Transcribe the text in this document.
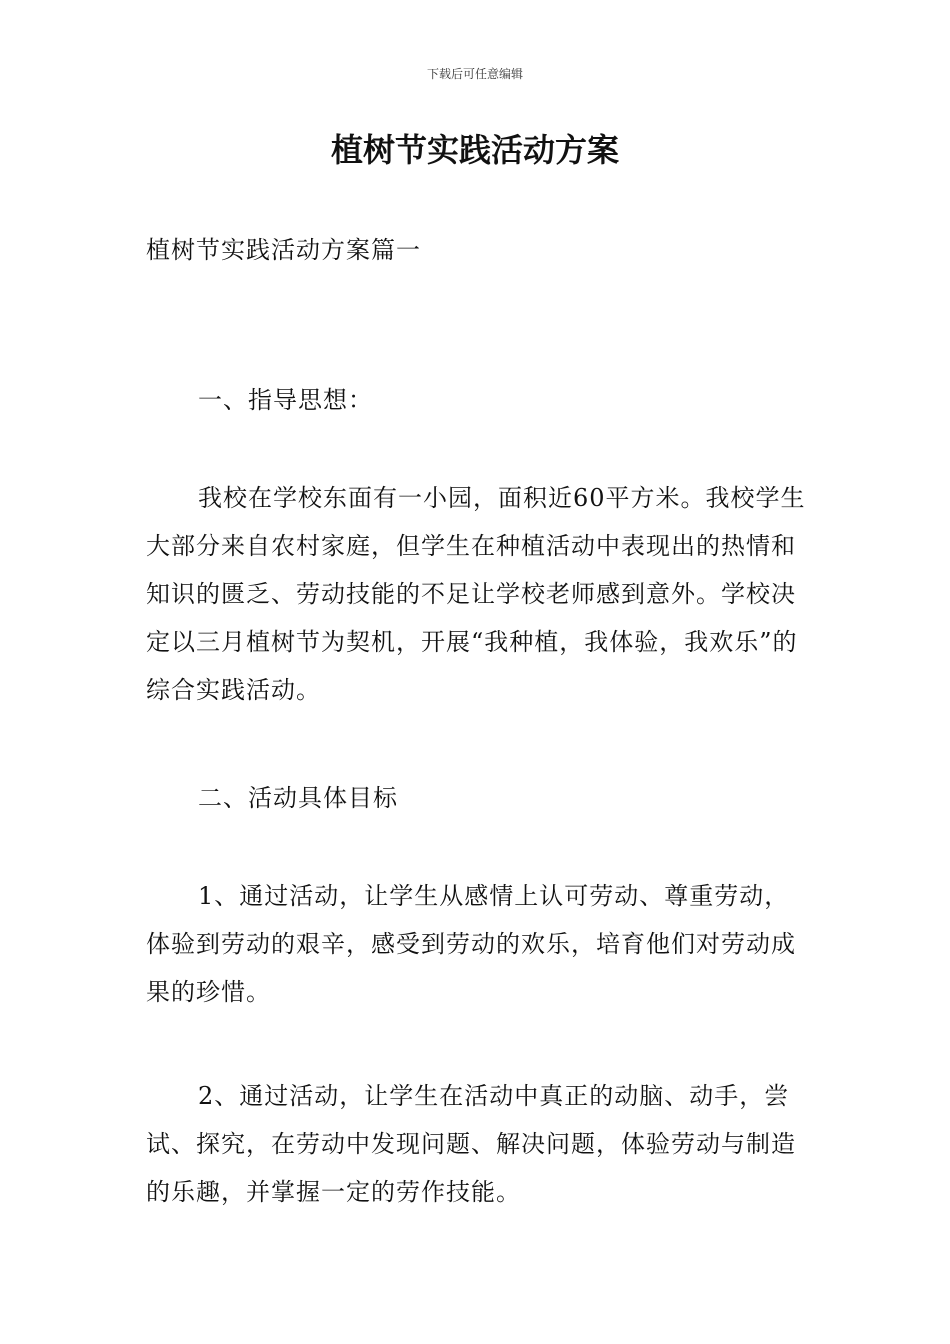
下载后可任意编辑
植树节实践活动方案

植树节实践活动方案篇一

一、指导思想：

我校在学校东面有一小园，面积近60平方米。我校学生大部分来自农村家庭，但学生在种植活动中表现出的热情和知识的匮乏、劳动技能的不足让学校老师感到意外。学校决定以三月植树节为契机，开展“我种植，我体验，我欢乐”的综合实践活动。

二、活动具体目标

1、通过活动，让学生从感情上认可劳动、尊重劳动，体验到劳动的艰辛，感受到劳动的欢乐，培育他们对劳动成果的珍惜。

2、通过活动，让学生在活动中真正的动脑、动手，尝试、探究，在劳动中发现问题、解决问题，体验劳动与制造的乐趣，并掌握一定的劳作技能。
